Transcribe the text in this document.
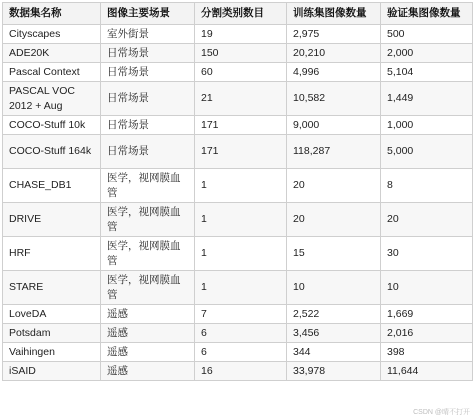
数据集名称	图像主要场景	分割类别数目	训练集图像数量	验证集图像数量
Cityscapes	室外街景	19	2,975	500
ADE20K	日常场景	150	20,210	2,000
Pascal Context	日常场景	60	4,996	5,104
PASCAL VOC 2012 + Aug	日常场景	21	10,582	1,449
COCO-Stuff 10k	日常场景	171	9,000	1,000
COCO-Stuff 164k	日常场景	171	118,287	5,000
CHASE_DB1	医学，视网膜血管	1	20	8
DRIVE	医学，视网膜血管	1	20	20
HRF	医学，视网膜血管	1	15	30
STARE	医学，视网膜血管	1	10	10
LoveDA	遥感	7	2,522	1,669
Potsdam	遥感	6	3,456	2,016
Vaihingen	遥感	6	344	398
iSAID	遥感	16	33,978	11,644
CSDN @晴不打开
